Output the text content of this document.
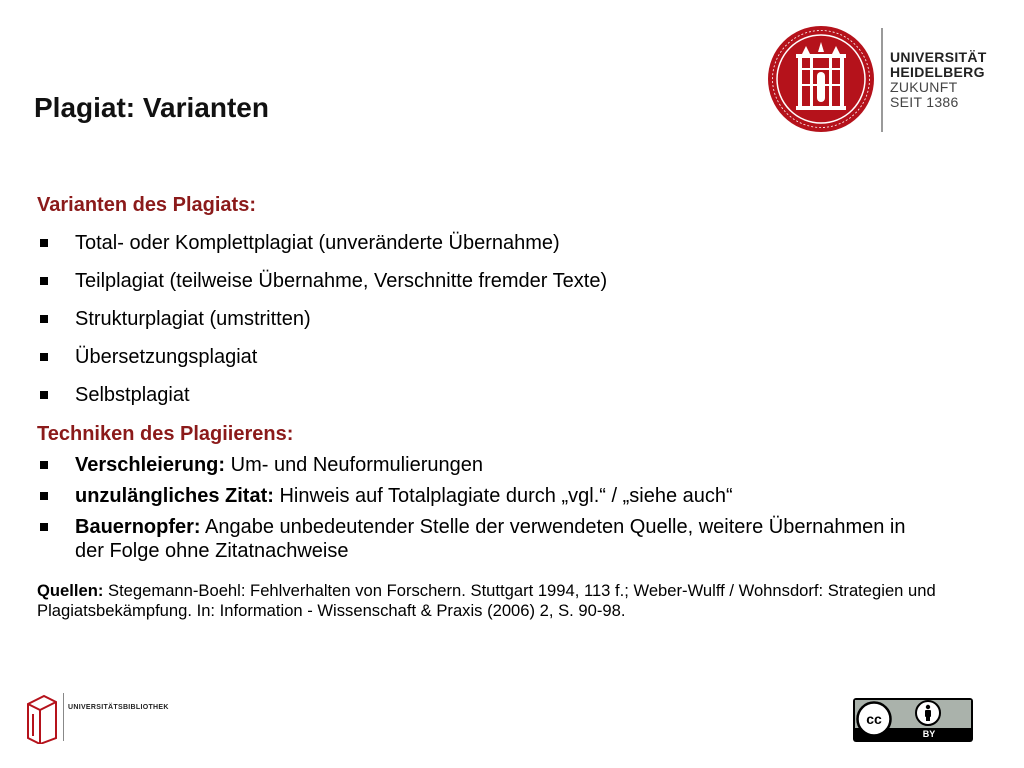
Plagiat: Varianten
UNIVERSITÄT
HEIDELBERG
ZUKUNFT
SEIT 1386
Varianten des Plagiats:
Total- oder Komplettplagiat (unveränderte Übernahme)
Teilplagiat (teilweise Übernahme, Verschnitte fremder Texte)
Strukturplagiat (umstritten)
Übersetzungsplagiat
Selbstplagiat
Techniken des Plagiierens:
Verschleierung: Um- und Neuformulierungen
unzulängliches Zitat: Hinweis auf Totalplagiate durch „vgl.“ / „siehe auch“
Bauernopfer: Angabe unbedeutender Stelle der verwendeten Quelle, weitere Übernahmen in der Folge ohne Zitatnachweise
Quellen: Stegemann-Boehl: Fehlverhalten von Forschern. Stuttgart 1994, 113 f.; Weber-Wulff / Wohnsdorf: Strategien und Plagiatsbekämpfung. In: Information - Wissenschaft & Praxis (2006) 2, S. 90-98.
UNIVERSITÄTSBIBLIOTHEK
cc
BY
